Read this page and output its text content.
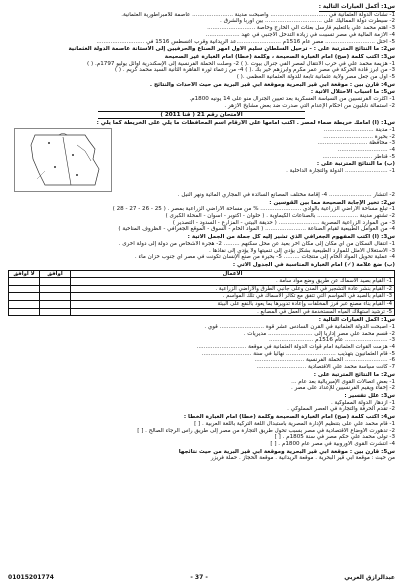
س1: أكمل العبارات التالية :
1- نشأت الدولة العثمانية في ................................ وأصبحت مدينة ....................... عاصمة للامبراطورية العثمانية.
2- سيطرت دولة المماليك على ................................ بين أوربا والشرق .
3- اهتم محمد علي بالتعليم فأرسل بعثات الي الخارج وخاصة ...........................
4- الأزمة المالية في مصر تسببت في زيادة التدخل الأجنبي في عهد ...................
5- احتل ............................ مصر عام 1516م .........................عد الريدانية وقرب أغسطس 1516 في ...........................
س2: ما النتائج المترتبة على : - ترحيل السلطان سليم الأول أمهر الصناع والحرفيين إلى الأستانة عاصمة الدولة العثمانية
س3: اكتب كلمة (صح) أمام العبارة الصحيحة ، وكلمة (خطأ) أمام العبارة غير الصحيحة
1- هزيمة محمد علي في حرب الانتقال لمصر ألفي جنرال بيوت .( ) 2- وصلت الحملة الفرنسية إلى الإسكندرية أوائل يوليو 1797م. ( )
3- من أبرز قادة الحركة في مصر عمر مكرم وأبرزهم خير بك .( ) 4- من زعماء ثورة القاهرة الثانية السيد محمد كريم . ( )
5- أول من جعل مصر ولاية عثمانية تابعة للدولة العثمانية العظمى .( )
س4: قارن بين : موقعة أبي قير البحرية وموقعة أبي قير البرية من حيث الأحداث والنتائج .
س5: ما أسباب الاحتلال الآتية :
1- أكثرت الفرنسيين من السياسة العسكرية بعد تعيين الجنرال منو على 14 يونيه 1800م.
2- استمالة نابليون من أحكام الإعدام التي صدرت ضد بعض مشايخ الأزهر .
الامتحان رقم 21 ( قنا 2011 )
س1: (أ) أمامك خريطة صماء لمصر . اكتب أمامها على الأرقام اسم المحافظات ما يلي على الخريطة كما يلي :
1- مدينة ............................
2- بحيرة ............................
3- محافظة ............................
4- ............................
5- قناطر ............................
(ب) ما النتائج المترتبة على :
1- ........................ الدولة والتجارة الداخلية .
2- انتشار ........................ 4- إقامة مختلف المصانع السائدة في المجاري المائية ونهر النيل .
س2: تخير الإجابة الصحيحة مما بين القوسين :
1- تبلغ مساحة الأراضي الزراعية بالوادي ....................... % من مساحة الأراضي الزراعية بمصر . ( 25 - 26 - 27 - 28 )
2- تشتهر مدينة ....................... بالصناعات الكيماوية . ( حلوان - أكتوبر - أسوان - المحلة الكبرى )
3- من الموارد الزراعية المصرية ....................... ( حديقة البيتي - المزارع - السدود - التصدير )
4- من العوامل الطبيعية لقيام الصناعة ....................... ( المواد الخام - السوق - الموقع الجغرافي - الظروف المناخية )
س3: (أ) اكتب المفهوم الجغرافي الذي تشير إليه كل جملة من الجمل الآتية :
1- انتقال السكان من أي مكان إلى مكان آخر بعيد عن محل سكنهم ......... 2- هجرة الأشخاص من دولة إلى دولة أخرى .
3- الاستغلال الأمثل للموارد الطبيعية بشكل يؤدي إلى تنميتها ولا يؤدي إلى نفاذها .
4- عملية تحويل المواد الخام إلى منتجات ......... 5- بحيرة من صنع الإنسان تكونت في مصر أي جنوب خزان ماء .
(ب) ضع علامة (✓) أمام العبارة المناسبة في الجدول الآتي :
الأعمال	أوافق	لا أوافق
1- القيام بصيد الأسماك عن طريق وضع مواد سامة .		
2- القيام بنشر عادة التشجير في المدن وعلى جانبي الطرق والأراضي الزراعية .		
3- القيام بالصيد في المواسم التي تتفق مع تكاثر الأسماك في تلك المواسم .		
4- القيام بناء مصنع عبر فرز المخلفات وإعادة تدويرها بما يعود بالنفع على البيئة		
5- ترشيد استهلاك المياه المستخدمة في العمل في المصانع .		
س1: أكمل العبارات التالية :
1- أصبحت الدولة العثمانية في القرن السادس عشر قوة ......................... قوي .
2- قسم محمد علي مصر إدارياً إلى ......................... مديريات .
3- ........................ عام 1516م .........................
4- هزمت القوات العثمانية أمام قوات الدولة العثمانية في موقعة ............................
5- قام العثمانيون بتهذيب ............................ نهائياً في سنة ............................
6- ........................ الحملة الفرنسية ............................
7- كانت سياسة محمد علي الاقتصادية ............................
س2: ما النتائج المترتبة على :
1- بعض اتصالات القوى الإمبريالية بعد عام ...
2- إخفاء ويقيم الفرنسيين للإعداد على مصر .
س3: علل تفسير :
1- ازدهار الدولة المملوكية .
2- تقدم الحرفة والتجارة في العصر المملوكي .
س4: اكتب كلمة (صح) أمام العبارة الصحيحة وكلمة (خطأ) أمام العبارة الخطأ :
1- قام محمد علي على بتنظيم الإدارة المصرية باستبدال اللغة التركية باللغة العربية . [ ]
2- تدهورت الأوضاع الاقتصادية في مصر بسبب تحول طريق التجارة من مصر إلى طريق رأس الرجاء الصالح . [ ]
3- تولى محمد علي حكم مصر في سنة 1805م . [ ]
4- انتشرت القوى الأوروبية في مصر عام 1800م . [ ]
س5: قارن بين : موقعة أبي قير البحرية وموقعة أبي قير البرية من حيث نتائجها
من حيث : موقعة أبي قير البحرية . موقعة الريدانية . موقعة الحجاز . حملة فريزر
عبدالرازق العربي
- 37 -
01015201774
